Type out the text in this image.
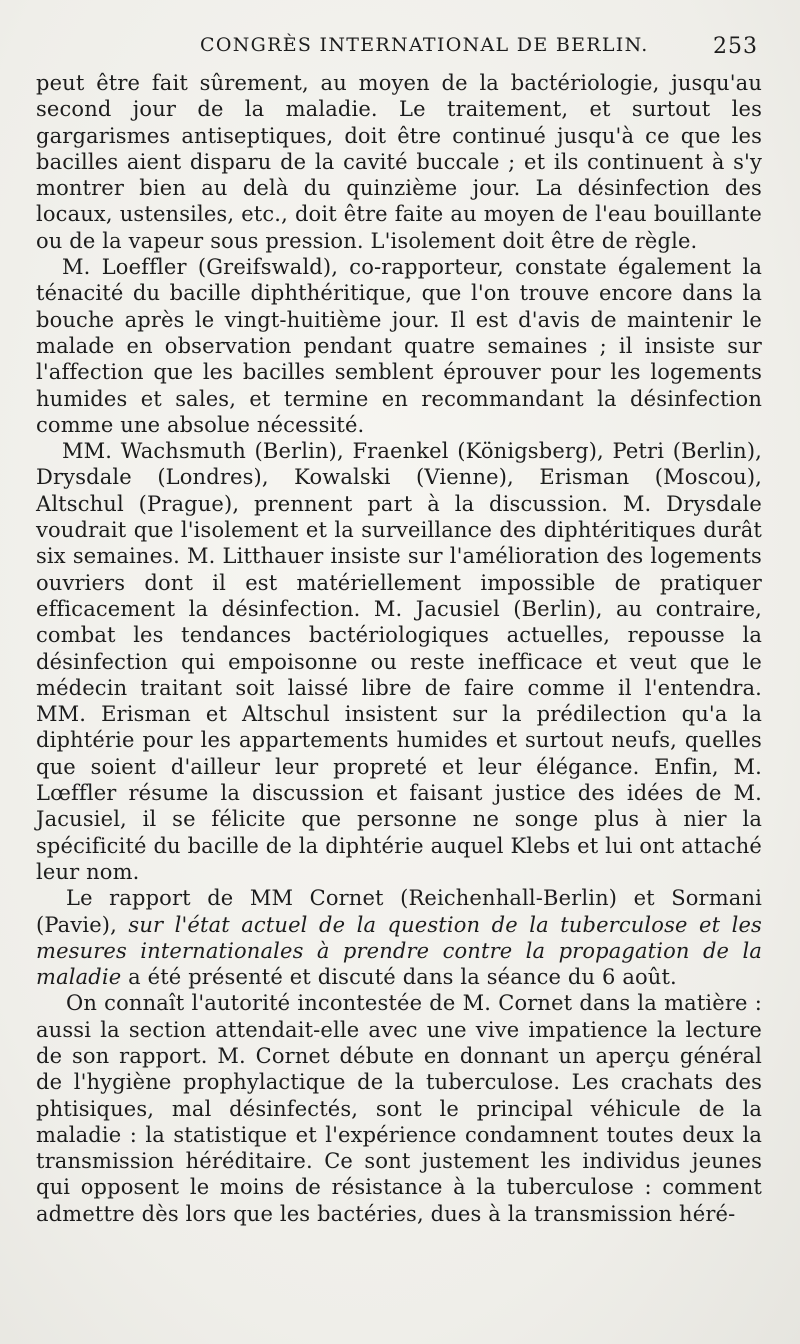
CONGRÈS INTERNATIONAL DE BERLIN.	253

peut être fait sûrement, au moyen de la bactériologie, jusqu'au second jour de la maladie. Le traitement, et surtout les gargarismes antiseptiques, doit être continué jusqu'à ce que les bacilles aient disparu de la cavité buccale ; et ils continuent à s'y montrer bien au delà du quinzième jour. La désinfection des locaux, ustensiles, etc., doit être faite au moyen de l'eau bouillante ou de la vapeur sous pression. L'isolement doit être de règle.

M. Loeffler (Greifswald), co-rapporteur, constate également la ténacité du bacille diphthéritique, que l'on trouve encore dans la bouche après le vingt-huitième jour. Il est d'avis de maintenir le malade en observation pendant quatre semaines ; il insiste sur l'affection que les bacilles semblent éprouver pour les logements humides et sales, et termine en recommandant la désinfection comme une absolue nécessité.

MM. Wachsmuth (Berlin), Fraenkel (Königsberg), Petri (Berlin), Drysdale (Londres), Kowalski (Vienne), Erisman (Moscou), Altschul (Prague), prennent part à la discussion. M. Drysdale voudrait que l'isolement et la surveillance des diphtéritiques durât six semaines. M. Litthauer insiste sur l'amélioration des logements ouvriers dont il est matériellement impossible de pratiquer efficacement la désinfection. M. Jacusiel (Berlin), au contraire, combat les tendances bactériologiques actuelles, repousse la désinfection qui empoisonne ou reste inefficace et veut que le médecin traitant soit laissé libre de faire comme il l'entendra. MM. Erisman et Altschul insistent sur la prédilection qu'a la diphtérie pour les appartements humides et surtout neufs, quelles que soient d'ailleur leur propreté et leur élégance. Enfin, M. Lœffler résume la discussion et faisant justice des idées de M. Jacusiel, il se félicite que personne ne songe plus à nier la spécificité du bacille de la diphtérie auquel Klebs et lui ont attaché leur nom.

Le rapport de MM Cornet (Reichenhall-Berlin) et Sormani (Pavie), sur l'état actuel de la question de la tuberculose et les mesures internationales à prendre contre la propagation de la maladie a été présenté et discuté dans la séance du 6 août.

On connaît l'autorité incontestée de M. Cornet dans la matière : aussi la section attendait-elle avec une vive impatience la lecture de son rapport. M. Cornet débute en donnant un aperçu général de l'hygiène prophylactique de la tuberculose. Les crachats des phtisiques, mal désinfectés, sont le principal véhicule de la maladie : la statistique et l'expérience condamnent toutes deux la transmission héréditaire. Ce sont justement les individus jeunes qui opposent le moins de résistance à la tuberculose : comment admettre dès lors que les bactéries, dues à la transmission héré-
